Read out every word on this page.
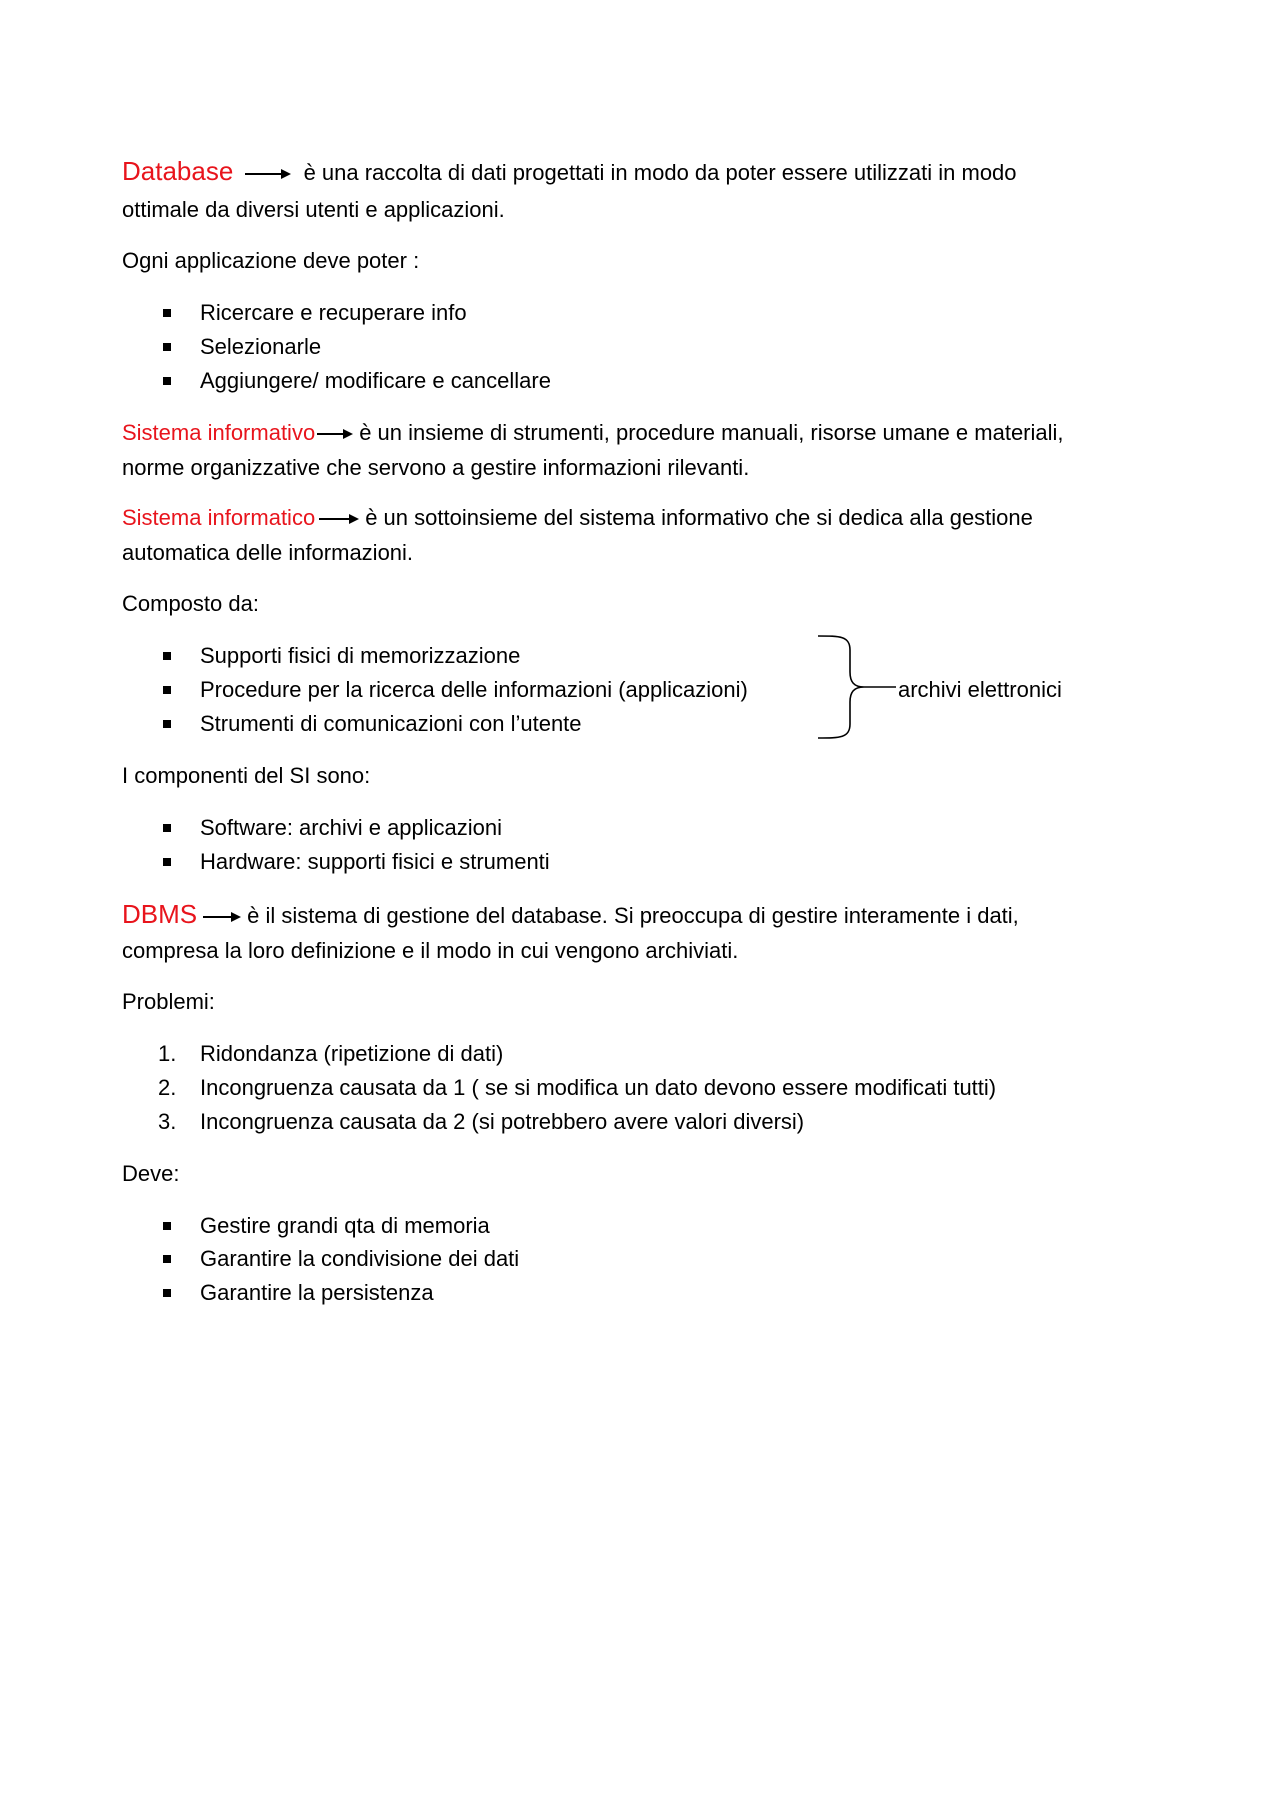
Database	è una raccolta di dati progettati in modo da poter essere utilizzati in modo
ottimale da diversi utenti e applicazioni.
Ogni applicazione deve poter :
Ricercare e recuperare info
Selezionarle
Aggiungere/ modificare e cancellare
Sistema informativo è un insieme di strumenti, procedure manuali, risorse umane e materiali,
norme organizzative che servono a gestire informazioni rilevanti.
Sistema informatico è un sottoinsieme del sistema informativo che si dedica alla gestione
automatica delle informazioni.
Composto da:
Supporti fisici di memorizzazione
Procedure per la ricerca delle informazioni (applicazioni)
Strumenti di comunicazioni con l’utente
archivi elettronici
I componenti del SI sono:
Software: archivi e applicazioni
Hardware: supporti fisici e strumenti
DBMS è il sistema di gestione del database. Si preoccupa di gestire interamente i dati,
compresa la loro definizione e il modo in cui vengono archiviati.
Problemi:
1. Ridondanza (ripetizione di dati)
2. Incongruenza causata da 1 ( se si modifica un dato devono essere modificati tutti)
3. Incongruenza causata da 2 (si potrebbero avere valori diversi)
Deve:
Gestire grandi qta di memoria
Garantire la condivisione dei dati
Garantire la persistenza
